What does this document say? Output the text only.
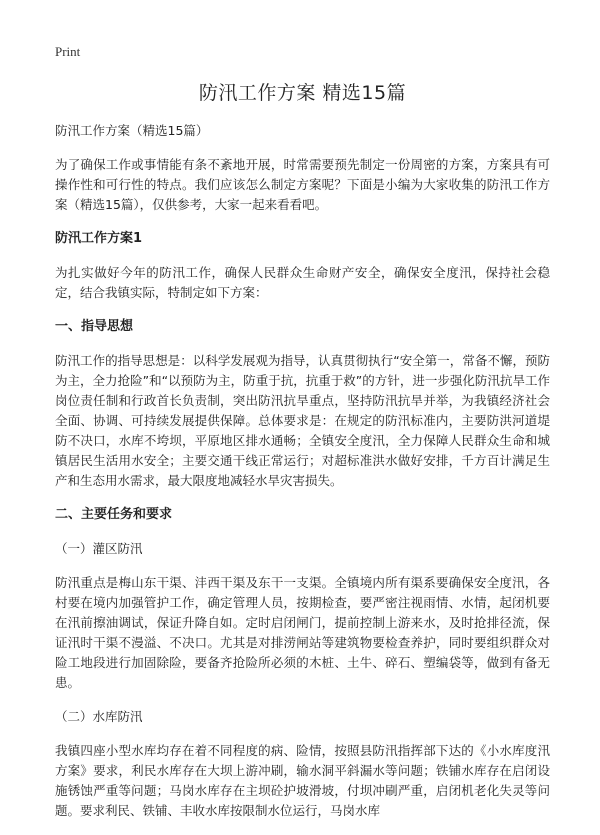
Print
防汛工作方案 精选15篇

防汛工作方案（精选15篇）

为了确保工作或事情能有条不紊地开展，时常需要预先制定一份周密的方案，方案具有可操作性和可行性的特点。我们应该怎么制定方案呢？下面是小编为大家收集的防汛工作方案（精选15篇），仅供参考，大家一起来看看吧。

防汛工作方案1

为扎实做好今年的防汛工作，确保人民群众生命财产安全，确保安全度汛，保持社会稳定，结合我镇实际，特制定如下方案：

一、指导思想

防汛工作的指导思想是：以科学发展观为指导，认真贯彻执行“安全第一，常备不懈，预防为主，全力抢险”和“以预防为主，防重于抗，抗重于救”的方针，进一步强化防汛抗旱工作岗位责任制和行政首长负责制，突出防汛抗旱重点，坚持防汛抗旱并举，为我镇经济社会全面、协调、可持续发展提供保障。总体要求是：在规定的防汛标准内，主要防洪河道堤防不决口，水库不垮坝，平原地区排水通畅；全镇安全度汛，全力保障人民群众生命和城镇居民生活用水安全；主要交通干线正常运行；对超标准洪水做好安排，千方百计满足生产和生态用水需求，最大限度地减轻水旱灾害损失。

二、主要任务和要求

（一）灌区防汛

防汛重点是梅山东干渠、沣西干渠及东干一支渠。全镇境内所有渠系要确保安全度汛，各村要在境内加强管护工作，确定管理人员，按期检查，要严密注视雨情、水情，起闭机要在汛前擦油调试，保证升降自如。定时启闭闸门，提前控制上游来水，及时抢排径流，保证汛时干渠不漫溢、不决口。尤其是对排涝闸站等建筑物要检查养护，同时要组织群众对险工地段进行加固除险，要备齐抢险所必须的木桩、土牛、碎石、塑编袋等，做到有备无患。

（二）水库防汛

我镇四座小型水库均存在着不同程度的病、险情，按照县防汛指挥部下达的《小水库度汛方案》要求，利民水库存在大坝上游冲刷，输水洞平斜漏水等问题；铁铺水库存在启闭设施锈蚀严重等问题；马岗水库存在主坝砼护坡滑坡，付坝冲刷严重，启闭机老化失灵等问题。要求利民、铁铺、丰收水库按限制水位运行，马岗水库
